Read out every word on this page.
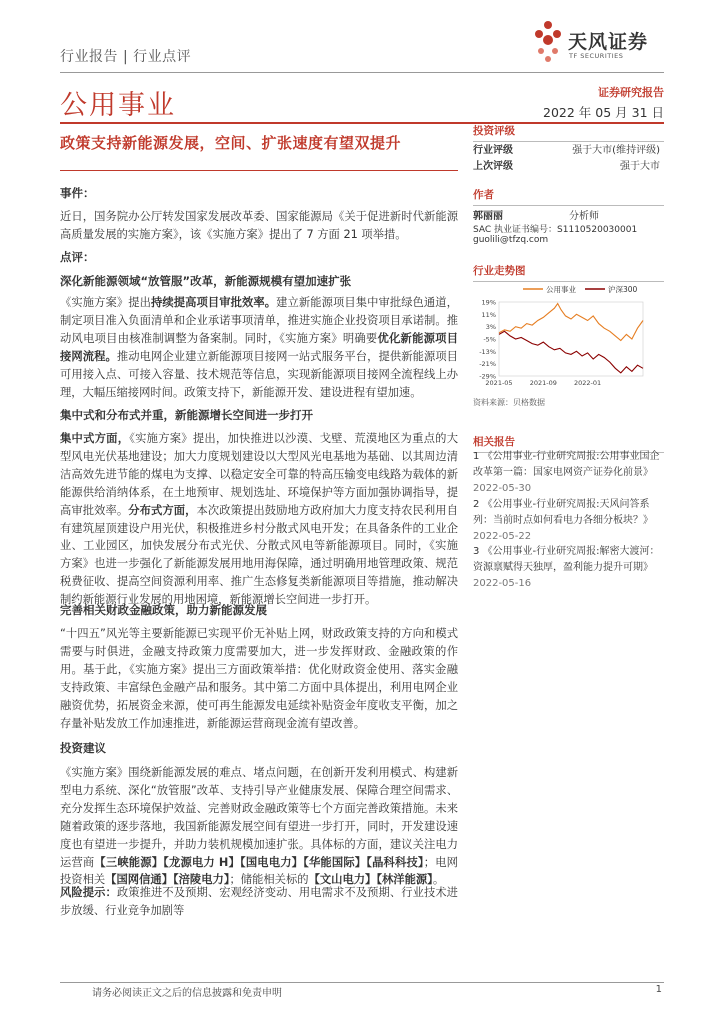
行业报告 | 行业点评
天风证券
TF SECURITIES
公用事业	证券研究报告
2022 年 05 月 31 日
政策支持新能源发展，空间、扩张速度有望双提升
事件：
近日，国务院办公厅转发国家发展改革委、国家能源局《关于促进新时代新能源高质量发展的实施方案》，该《实施方案》提出了 7 方面 21 项举措。
点评：
深化新能源领域“放管服”改革，新能源规模有望加速扩张
《实施方案》提出持续提高项目审批效率。建立新能源项目集中审批绿色通道，制定项目准入负面清单和企业承诺事项清单，推进实施企业投资项目承诺制。推动风电项目由核准制调整为备案制。同时，《实施方案》明确要优化新能源项目接网流程。推动电网企业建立新能源项目接网一站式服务平台，提供新能源项目可用接入点、可接入容量、技术规范等信息，实现新能源项目接网全流程线上办理，大幅压缩接网时间。政策支持下，新能源开发、建设进程有望加速。
集中式和分布式并重，新能源增长空间进一步打开
集中式方面，《实施方案》提出，加快推进以沙漠、戈壁、荒漠地区为重点的大型风电光伏基地建设；加大力度规划建设以大型风光电基地为基础、以其周边清洁高效先进节能的煤电为支撑、以稳定安全可靠的特高压输变电线路为载体的新能源供给消纳体系，在土地预审、规划选址、环境保护等方面加强协调指导，提高审批效率。分布式方面，本次政策提出鼓励地方政府加大力度支持农民利用自有建筑屋顶建设户用光伏，积极推进乡村分散式风电开发；在具备条件的工业企业、工业园区，加快发展分布式光伏、分散式风电等新能源项目。同时，《实施方案》也进一步强化了新能源发展用地用海保障，通过明确用地管理政策、规范税费征收、提高空间资源利用率、推广生态修复类新能源项目等措施，推动解决制约新能源行业发展的用地困境，新能源增长空间进一步打开。
完善相关财政金融政策，助力新能源发展
“十四五”风光等主要新能源已实现平价无补贴上网，财政政策支持的方向和模式需要与时俱进，金融支持政策力度需要加大，进一步发挥财政、金融政策的作用。基于此，《实施方案》提出三方面政策举措：优化财政资金使用、落实金融支持政策、丰富绿色金融产品和服务。其中第二方面中具体提出，利用电网企业融资优势，拓展资金来源，使可再生能源发电延续补贴资金年度收支平衡，加之存量补贴发放工作加速推进，新能源运营商现金流有望改善。
投资建议
《实施方案》围绕新能源发展的难点、堵点问题，在创新开发利用模式、构建新型电力系统、深化“放管服”改革、支持引导产业健康发展、保障合理空间需求、充分发挥生态环境保护效益、完善财政金融政策等七个方面完善政策措施。未来随着政策的逐步落地，我国新能源发展空间有望进一步打开，同时，开发建设速度也有望进一步提升，并助力装机规模加速扩张。具体标的方面，建议关注电力运营商【三峡能源】【龙源电力 H】【国电电力】【华能国际】【晶科科技】；电网投资相关【国网信通】【涪陵电力】；储能相关标的【文山电力】【林洋能源】。
风险提示：政策推进不及预期、宏观经济变动、用电需求不及预期、行业技术进步放缓、行业竞争加剧等
投资评级
行业评级	强于大市(维持评级)
上次评级	强于大市
作者
郭丽丽	分析师
SAC 执业证书编号：S1110520030001
guolili@tfzq.com
行业走势图
公用事业	沪深300
19%
11%
3%
-5%
-13%
-21%
-29%
2021-05	2021-09	2022-01
资料来源：贝格数据
相关报告
1 《公用事业-行业研究周报:公用事业国企改革第一篇：国家电网资产证券化前景》 2022-05-30
2 《公用事业-行业研究周报:天风问答系列：当前时点如何看电力各细分板块？》 2022-05-22
3 《公用事业-行业研究周报:解密大渡河：资源禀赋得天独厚，盈利能力提升可期》 2022-05-16
请务必阅读正文之后的信息披露和免责申明	1
